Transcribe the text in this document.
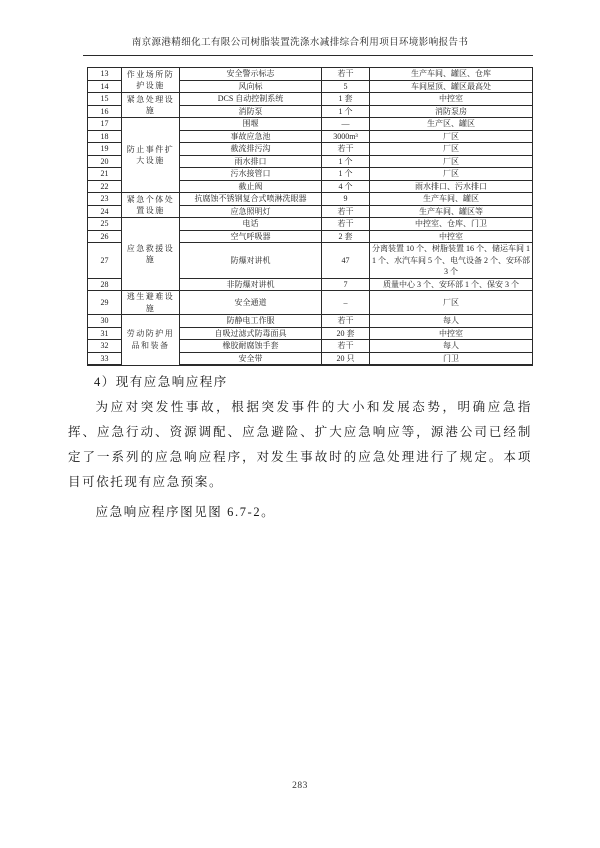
南京源港精细化工有限公司树脂装置洗涤水减排综合利用项目环境影响报告书
13	作业场所防护设施	安全警示标志	若干	生产车间、罐区、仓库
14		风向标	5	车间屋顶、罐区最高处
15	紧急处理设施	DCS 自动控制系统	1 套	中控室
16		消防泵	1 个	消防泵房
17	防止事件扩大设施	围堰	—	生产区、罐区
18		事故应急池	3000m³	厂区
19		截流排污沟	若干	厂区
20		雨水排口	1 个	厂区
21		污水接管口	1 个	厂区
22		截止阀	4 个	雨水排口、污水排口
23	紧急个体处置设施	抗腐蚀不锈钢复合式喷淋洗眼器	9	生产车间、罐区
24		应急照明灯	若干	生产车间、罐区等
25	应急救援设施	电话	若干	中控室、仓库、门卫
26		空气呼吸器	2 套	中控室
27		防爆对讲机	47	分离装置 10 个、树脂装置 16 个、储运车间 11 个、水汽车间 5 个、电气设备 2 个、安环部 3 个
28		非防爆对讲机	7	质量中心 3 个、安环部 1 个、保安 3 个
29	逃生避难设施	安全通道	–	厂区
30	劳动防护用品和装备	防静电工作服	若干	每人
31		自吸过滤式防毒面具	20 套	中控室
32		橡胶耐腐蚀手套	若干	每人
33		安全带	20 只	门卫
4）现有应急响应程序

为应对突发性事故，根据突发事件的大小和发展态势，明确应急指挥、应急行动、资源调配、应急避险、扩大应急响应等，源港公司已经制定了一系列的应急响应程序，对发生事故时的应急处理进行了规定。本项目可依托现有应急预案。

应急响应程序图见图 6.7-2。

283
